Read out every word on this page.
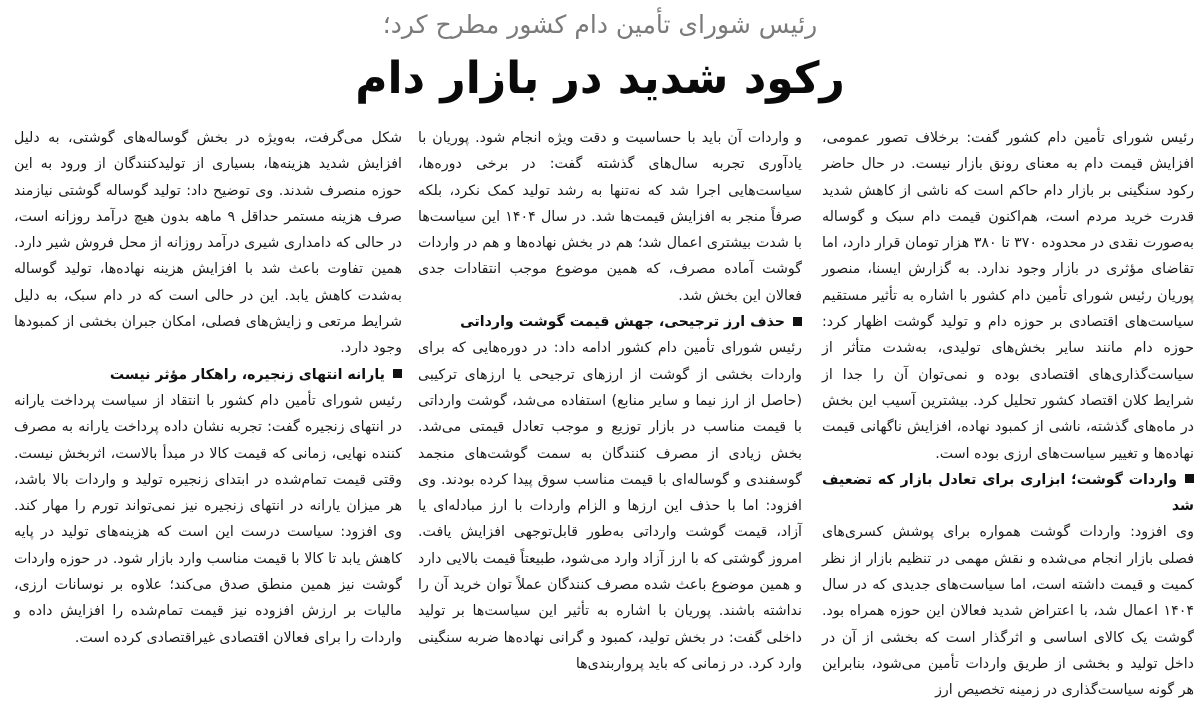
رئیس شورای تأمین دام کشور مطرح کرد؛
رکود شدید در بازار دام

رئیس شورای تأمین دام کشور گفت: برخلاف تصور عمومی، افزایش قیمت دام به معنای رونق بازار نیست. در حال حاضر رکود سنگینی بر بازار دام حاکم است که ناشی از کاهش شدید قدرت خرید مردم است، هم‌اکنون قیمت دام سبک و گوساله به‌صورت نقدی در محدوده ۳۷۰ تا ۳۸۰ هزار تومان قرار دارد، اما تقاضای مؤثری در بازار وجود ندارد. به گزارش ایسنا، منصور پوریان رئیس شورای تأمین دام کشور با اشاره به تأثیر مستقیم سیاست‌های اقتصادی بر حوزه دام و تولید گوشت اظهار کرد: حوزه دام مانند سایر بخش‌های تولیدی، به‌شدت متأثر از سیاست‌گذاری‌های اقتصادی بوده و نمی‌توان آن را جدا از شرایط کلان اقتصاد کشور تحلیل کرد. بیشترین آسیب این بخش در ماه‌های گذشته، ناشی از کمبود نهاده، افزایش ناگهانی قیمت نهاده‌ها و تغییر سیاست‌های ارزی بوده است.

واردات گوشت؛ ابزاری برای تعادل بازار که تضعیف شد

وی افزود: واردات گوشت همواره برای پوشش کسری‌های فصلی بازار انجام می‌شده و نقش مهمی در تنظیم بازار از نظر کمیت و قیمت داشته است، اما سیاست‌های جدیدی که در سال ۱۴۰۴ اعمال شد، با اعتراض شدید فعالان این حوزه همراه بود. گوشت یک کالای اساسی و اثرگذار است که بخشی از آن در داخل تولید و بخشی از طریق واردات تأمین می‌شود، بنابراین هر گونه سیاست‌گذاری در زمینه تخصیص ارز

و واردات آن باید با حساسیت و دقت ویژه انجام شود. پوریان با یادآوری تجربه سال‌های گذشته گفت: در برخی دوره‌ها، سیاست‌هایی اجرا شد که نه‌تنها به رشد تولید کمک نکرد، بلکه صرفاً منجر به افزایش قیمت‌ها شد. در سال ۱۴۰۴ این سیاست‌ها با شدت بیشتری اعمال شد؛ هم در بخش نهاده‌ها و هم در واردات گوشت آماده مصرف، که همین موضوع موجب انتقادات جدی فعالان این بخش شد.

حذف ارز ترجیحی، جهش قیمت گوشت وارداتی

رئیس شورای تأمین دام کشور ادامه داد: در دوره‌هایی که برای واردات بخشی از گوشت از ارزهای ترجیحی یا ارزهای ترکیبی (حاصل از ارز نیما و سایر منابع) استفاده می‌شد، گوشت وارداتی با قیمت مناسب در بازار توزیع و موجب تعادل قیمتی می‌شد. بخش زیادی از مصرف کنندگان به سمت گوشت‌های منجمد گوسفندی و گوساله‌ای با قیمت مناسب سوق پیدا کرده بودند. وی افزود: اما با حذف این ارزها و الزام واردات با ارز مبادله‌ای یا آزاد، قیمت گوشت وارداتی به‌طور قابل‌توجهی افزایش یافت. امروز گوشتی که با ارز آزاد وارد می‌شود، طبیعتاً قیمت بالایی دارد و همین موضوع باعث شده مصرف کنندگان عملاً توان خرید آن را نداشته باشند. پوریان با اشاره به تأثیر این سیاست‌ها بر تولید داخلی گفت: در بخش تولید، کمبود و گرانی نهاده‌ها ضربه سنگینی وارد کرد. در زمانی که باید پرواربندی‌ها

شکل می‌گرفت، به‌ویژه در بخش گوساله‌های گوشتی، به دلیل افزایش شدید هزینه‌ها، بسیاری از تولیدکنندگان از ورود به این حوزه منصرف شدند. وی توضیح داد: تولید گوساله گوشتی نیازمند صرف هزینه مستمر حداقل ۹ ماهه بدون هیچ درآمد روزانه است، در حالی که دامداری شیری درآمد روزانه از محل فروش شیر دارد. همین تفاوت باعث شد با افزایش هزینه نهاده‌ها، تولید گوساله به‌شدت کاهش یابد. این در حالی است که در دام سبک، به دلیل شرایط مرتعی و زایش‌های فصلی، امکان جبران بخشی از کمبودها وجود دارد.

یارانه انتهای زنجیره، راهکار مؤثر نیست

رئیس شورای تأمین دام کشور با انتقاد از سیاست پرداخت یارانه در انتهای زنجیره گفت: تجربه نشان داده پرداخت یارانه به مصرف کننده نهایی، زمانی که قیمت کالا در مبدأ بالاست، اثربخش نیست. وقتی قیمت تمام‌شده در ابتدای زنجیره تولید و واردات بالا باشد، هر میزان یارانه در انتهای زنجیره نیز نمی‌تواند تورم را مهار کند. وی افزود: سیاست درست این است که هزینه‌های تولید در پایه کاهش یابد تا کالا با قیمت مناسب وارد بازار شود. در حوزه واردات گوشت نیز همین منطق صدق می‌کند؛ علاوه بر نوسانات ارزی، مالیات بر ارزش افزوده نیز قیمت تمام‌شده را افزایش داده و واردات را برای فعالان اقتصادی غیراقتصادی کرده است.
